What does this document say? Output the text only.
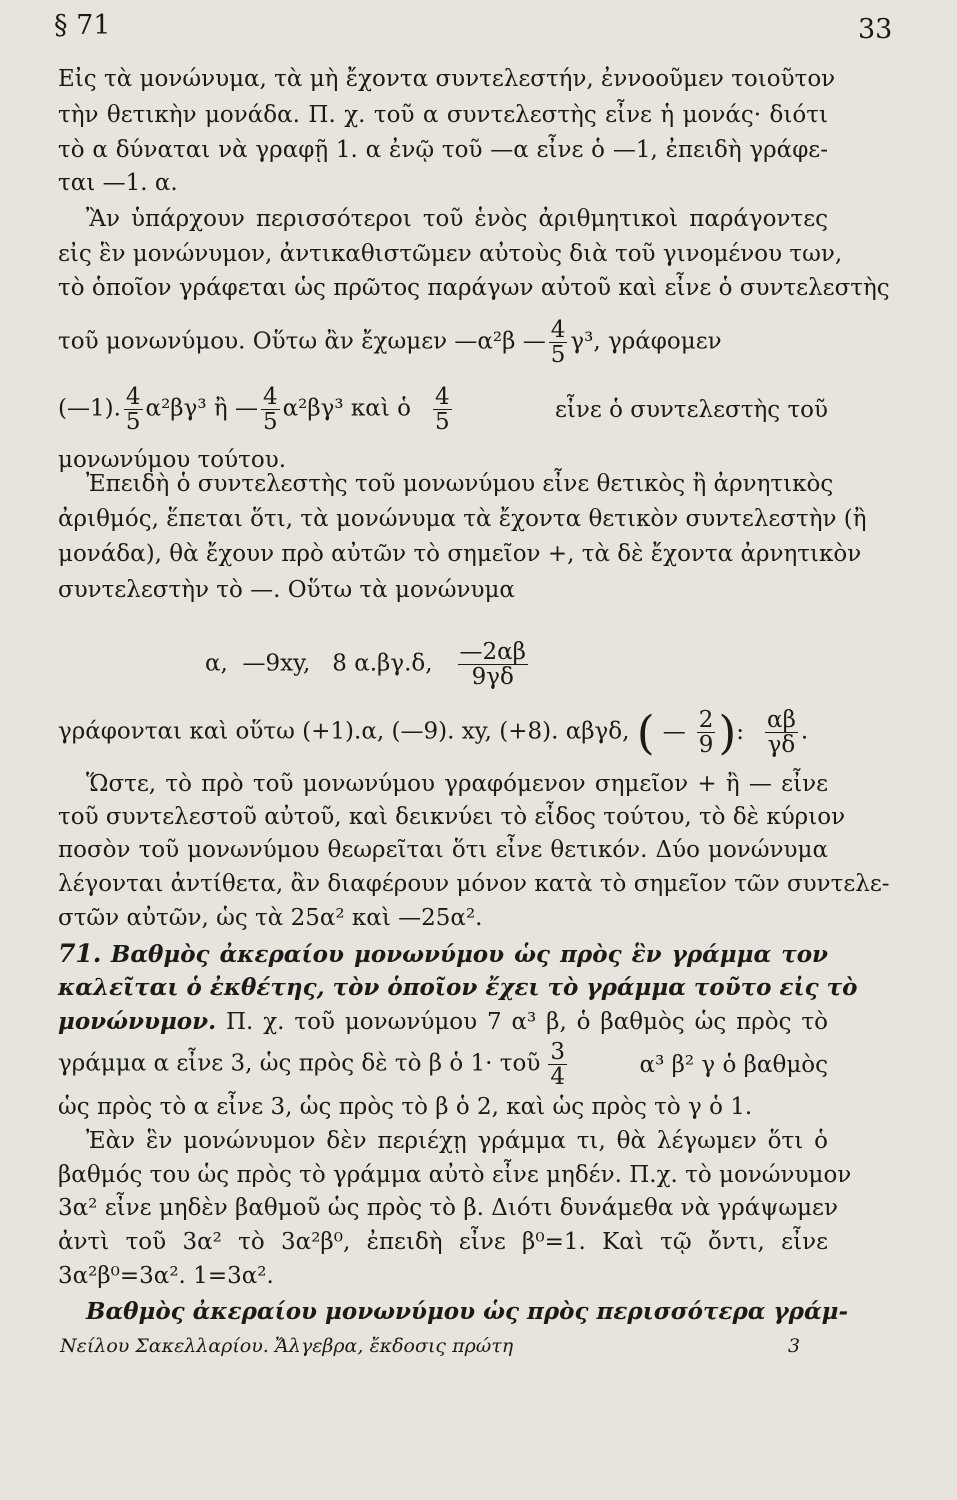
§ 71	33
Εἰς τὰ μονώνυμα, τὰ μὴ ἔχοντα συντελεστήν, ἐννοοῦμεν τοιοῦτον
τὴν θετικὴν μονάδα. Π. χ. τοῦ α συντελεστὴς εἶνε ἡ μονάς· διότι
τὸ α δύναται νὰ γραφῇ 1. α ἐνῷ τοῦ —α εἶνε ὁ —1, ἐπειδὴ γράφε-
ται —1. α.
Ἂν ὑπάρχουν περισσότεροι τοῦ ἑνὸς ἀριθμητικοὶ παράγοντες
εἰς ἓν μονώνυμον, ἀντικαθιστῶμεν αὐτοὺς διὰ τοῦ γινομένου των,
τὸ ὁποῖον γράφεται ὡς πρῶτος παράγων αὐτοῦ καὶ εἶνε ὁ συντελεστὴς
τοῦ μονωνύμου. Οὕτω ἂν ἔχωμεν —α²β — $\frac{4}{5} \gamma^3$, γράφομεν
(—1). $\frac{4}{5} \alpha^2\beta\gamma^3$ ἢ — $\frac{4}{5} \alpha^2\beta\gamma^3$ καὶ ὁ $\frac{4}{5}$	εἶνε ὁ συντελεστὴς τοῦ
μονωνύμου τούτου.
Ἐπειδὴ ὁ συντελεστὴς τοῦ μονωνύμου εἶνε θετικὸς ἢ ἀρνητικὸς
ἀριθμός, ἕπεται ὅτι, τὰ μονώνυμα τὰ ἔχοντα θετικὸν συντελεστὴν (ἢ
μονάδα), θὰ ἔχουν πρὸ αὐτῶν τὸ σημεῖον +, τὰ δὲ ἔχοντα ἀρνητικὸν
συντελεστὴν τὸ —. Οὕτω τὰ μονώνυμα
α, —9xy, 8 α.βγ.δ, $\frac{—2\alpha\beta}{9\gamma\delta}$
γράφονται καὶ οὕτω (+1).α, (—9). xy, (+8). αβγδ, ( — $\frac{2}{9}$ ): $\frac{\alpha\beta}{\gamma\delta}$ .
Ὥστε, τὸ πρὸ τοῦ μονωνύμου γραφόμενον σημεῖον + ἢ — εἶνε
τοῦ συντελεστοῦ αὐτοῦ, καὶ δεικνύει τὸ εἶδος τούτου, τὸ δὲ κύριον
ποσὸν τοῦ μονωνύμου θεωρεῖται ὅτι εἶνε θετικόν. Δύο μονώνυμα
λέγονται ἀντίθετα, ἂν διαφέρουν μόνον κατὰ τὸ σημεῖον τῶν συντελε-
στῶν αὐτῶν, ὡς τὰ 25α² καὶ —25α².
71. Βαθμὸς ἀκεραίου μονωνύμου ὡς πρὸς ἓν γράμμα τον
καλεῖται ὁ ἐκθέτης, τὸν ὁποῖον ἔχει τὸ γράμμα τοῦτο εἰς τὸ
μονώνυμον. Π. χ. τοῦ μονωνύμου 7 α³ β, ὁ βαθμὸς ὡς πρὸς τὸ
γράμμα α εἶνε 3, ὡς πρὸς δὲ τὸ β ὁ 1· τοῦ $\frac{3}{4}$	α³ β² γ ὁ βαθμὸς
ὡς πρὸς τὸ α εἶνε 3, ὡς πρὸς τὸ β ὁ 2, καὶ ὡς πρὸς τὸ γ ὁ 1.
Ἐὰν ἓν μονώνυμον δὲν περιέχῃ γράμμα τι, θὰ λέγωμεν ὅτι ὁ
βαθμός του ὡς πρὸς τὸ γράμμα αὐτὸ εἶνε μηδέν. Π.χ. τὸ μονώνυμον
3α² εἶνε μηδὲν βαθμοῦ ὡς πρὸς τὸ β. Διότι δυνάμεθα νὰ γράψωμεν
ἀντὶ τοῦ 3α² τὸ 3α²β⁰, ἐπειδὴ εἶνε β⁰=1. Καὶ τῷ ὄντι, εἶνε
3α²β⁰=3α². 1=3α².
Βαθμὸς ἀκεραίου μονωνύμου ὡς πρὸς περισσότερα γράμ-
Νείλου Σακελλαρίου. Ἄλγεβρα, ἔκδοσις πρώτη	3
